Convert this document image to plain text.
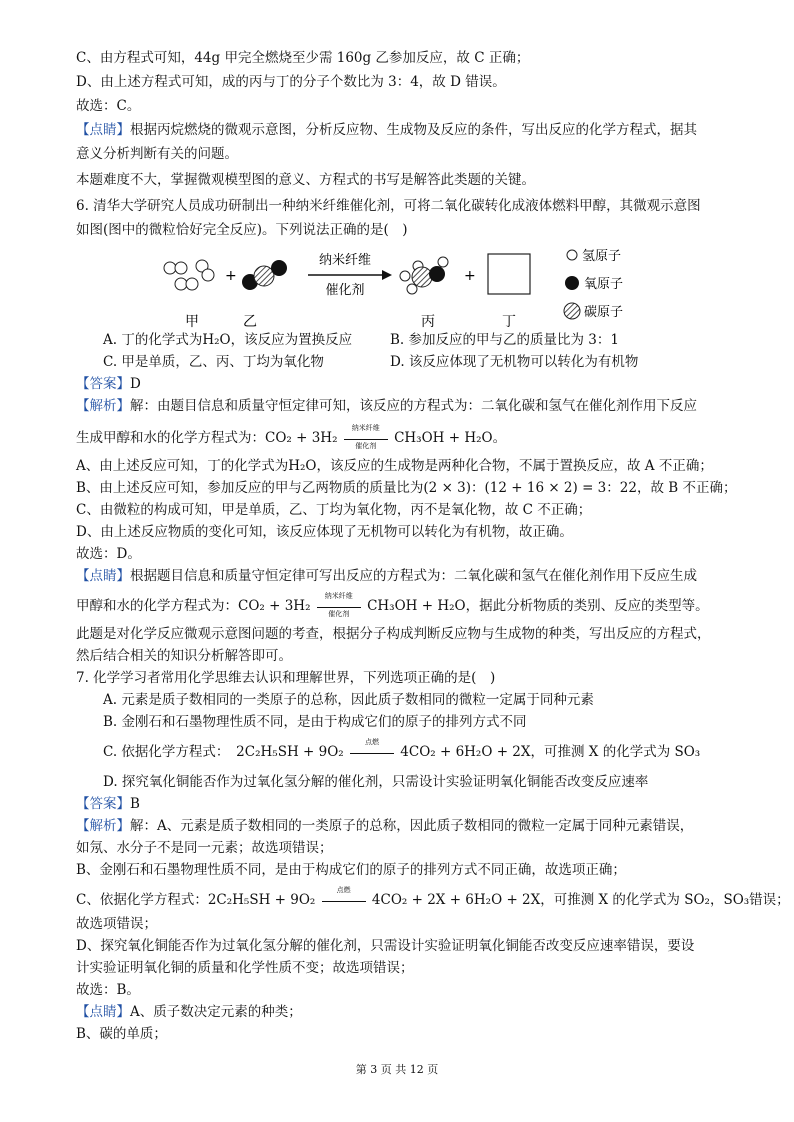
C、由方程式可知，44g 甲完全燃烧至少需 160g 乙参加反应，故 C 正确；
D、由上述方程式可知，成的丙与丁的分子个数比为 3：4，故 D 错误。
故选：C。
【点睛】根据丙烷燃烧的微观示意图，分析反应物、生成物及反应的条件，写出反应的化学方程式，据其
意义分析判断有关的问题。
本题难度不大，掌握微观模型图的意义、方程式的书写是解答此类题的关键。
6. 清华大学研究人员成功研制出一种纳米纤维催化剂，可将二氧化碳转化成液体燃料甲醇，其微观示意图
如图(图中的微粒恰好完全反应)。下列说法正确的是(　)
+
纳米纤维
催化剂
+
甲	乙	丙	丁
氢原子
氧原子
碳原子
A. 丁的化学式为H₂O，该反应为置换反应	B. 参加反应的甲与乙的质量比为 3：1
C. 甲是单质，乙、丙、丁均为氧化物	D. 该反应体现了无机物可以转化为有机物
【答案】D
【解析】解：由题目信息和质量守恒定律可知，该反应的方程式为：二氧化碳和氢气在催化剂作用下反应
生成甲醇和水的化学方程式为：CO₂ + 3H₂
纳米纤维
催化剂	CH₃OH + H₂O。
A、由上述反应可知，丁的化学式为H₂O，该反应的生成物是两种化合物，不属于置换反应，故 A 不正确；
B、由上述反应可知，参加反应的甲与乙两物质的质量比为(2 × 3)：(12 + 16 × 2) = 3：22，故 B 不正确；
C、由微粒的构成可知，甲是单质，乙、丁均为氧化物，丙不是氧化物，故 C 不正确；
D、由上述反应物质的变化可知，该反应体现了无机物可以转化为有机物，故正确。
故选：D。
【点睛】根据题目信息和质量守恒定律可写出反应的方程式为：二氧化碳和氢气在催化剂作用下反应生成
甲醇和水的化学方程式为：CO₂ + 3H₂
纳米纤维
催化剂	CH₃OH + H₂O，据此分析物质的类别、反应的类型等。
此题是对化学反应微观示意图问题的考查，根据分子构成判断反应物与生成物的种类，写出反应的方程式，
然后结合相关的知识分析解答即可。
7. 化学学习者常用化学思维去认识和理解世界，下列选项正确的是(　)
A. 元素是质子数相同的一类原子的总称，因此质子数相同的微粒一定属于同种元素
B. 金刚石和石墨物理性质不同，是由于构成它们的原子的排列方式不同
C. 依据化学方程式：　2C₂H₅SH + 9O₂
点燃
4CO₂ + 6H₂O + 2X，可推测 X 的化学式为 SO₃
D. 探究氧化铜能否作为过氧化氢分解的催化剂，只需设计实验证明氧化铜能否改变反应速率
【答案】B
【解析】解：A、元素是质子数相同的一类原子的总称，因此质子数相同的微粒一定属于同种元素错误，
如氖、水分子不是同一元素；故选项错误；
B、金刚石和石墨物理性质不同，是由于构成它们的原子的排列方式不同正确，故选项正确；
C、依据化学方程式：2C₂H₅SH + 9O₂
点燃
4CO₂ + 2X + 6H₂O + 2X，可推测 X 的化学式为 SO₂，SO₃错误；
故选项错误；
D、探究氧化铜能否作为过氧化氢分解的催化剂，只需设计实验证明氧化铜能否改变反应速率错误，要设
计实验证明氧化铜的质量和化学性质不变；故选项错误；
故选：B。
【点睛】A、质子数决定元素的种类；
B、碳的单质；
第 3 页 共 12 页
